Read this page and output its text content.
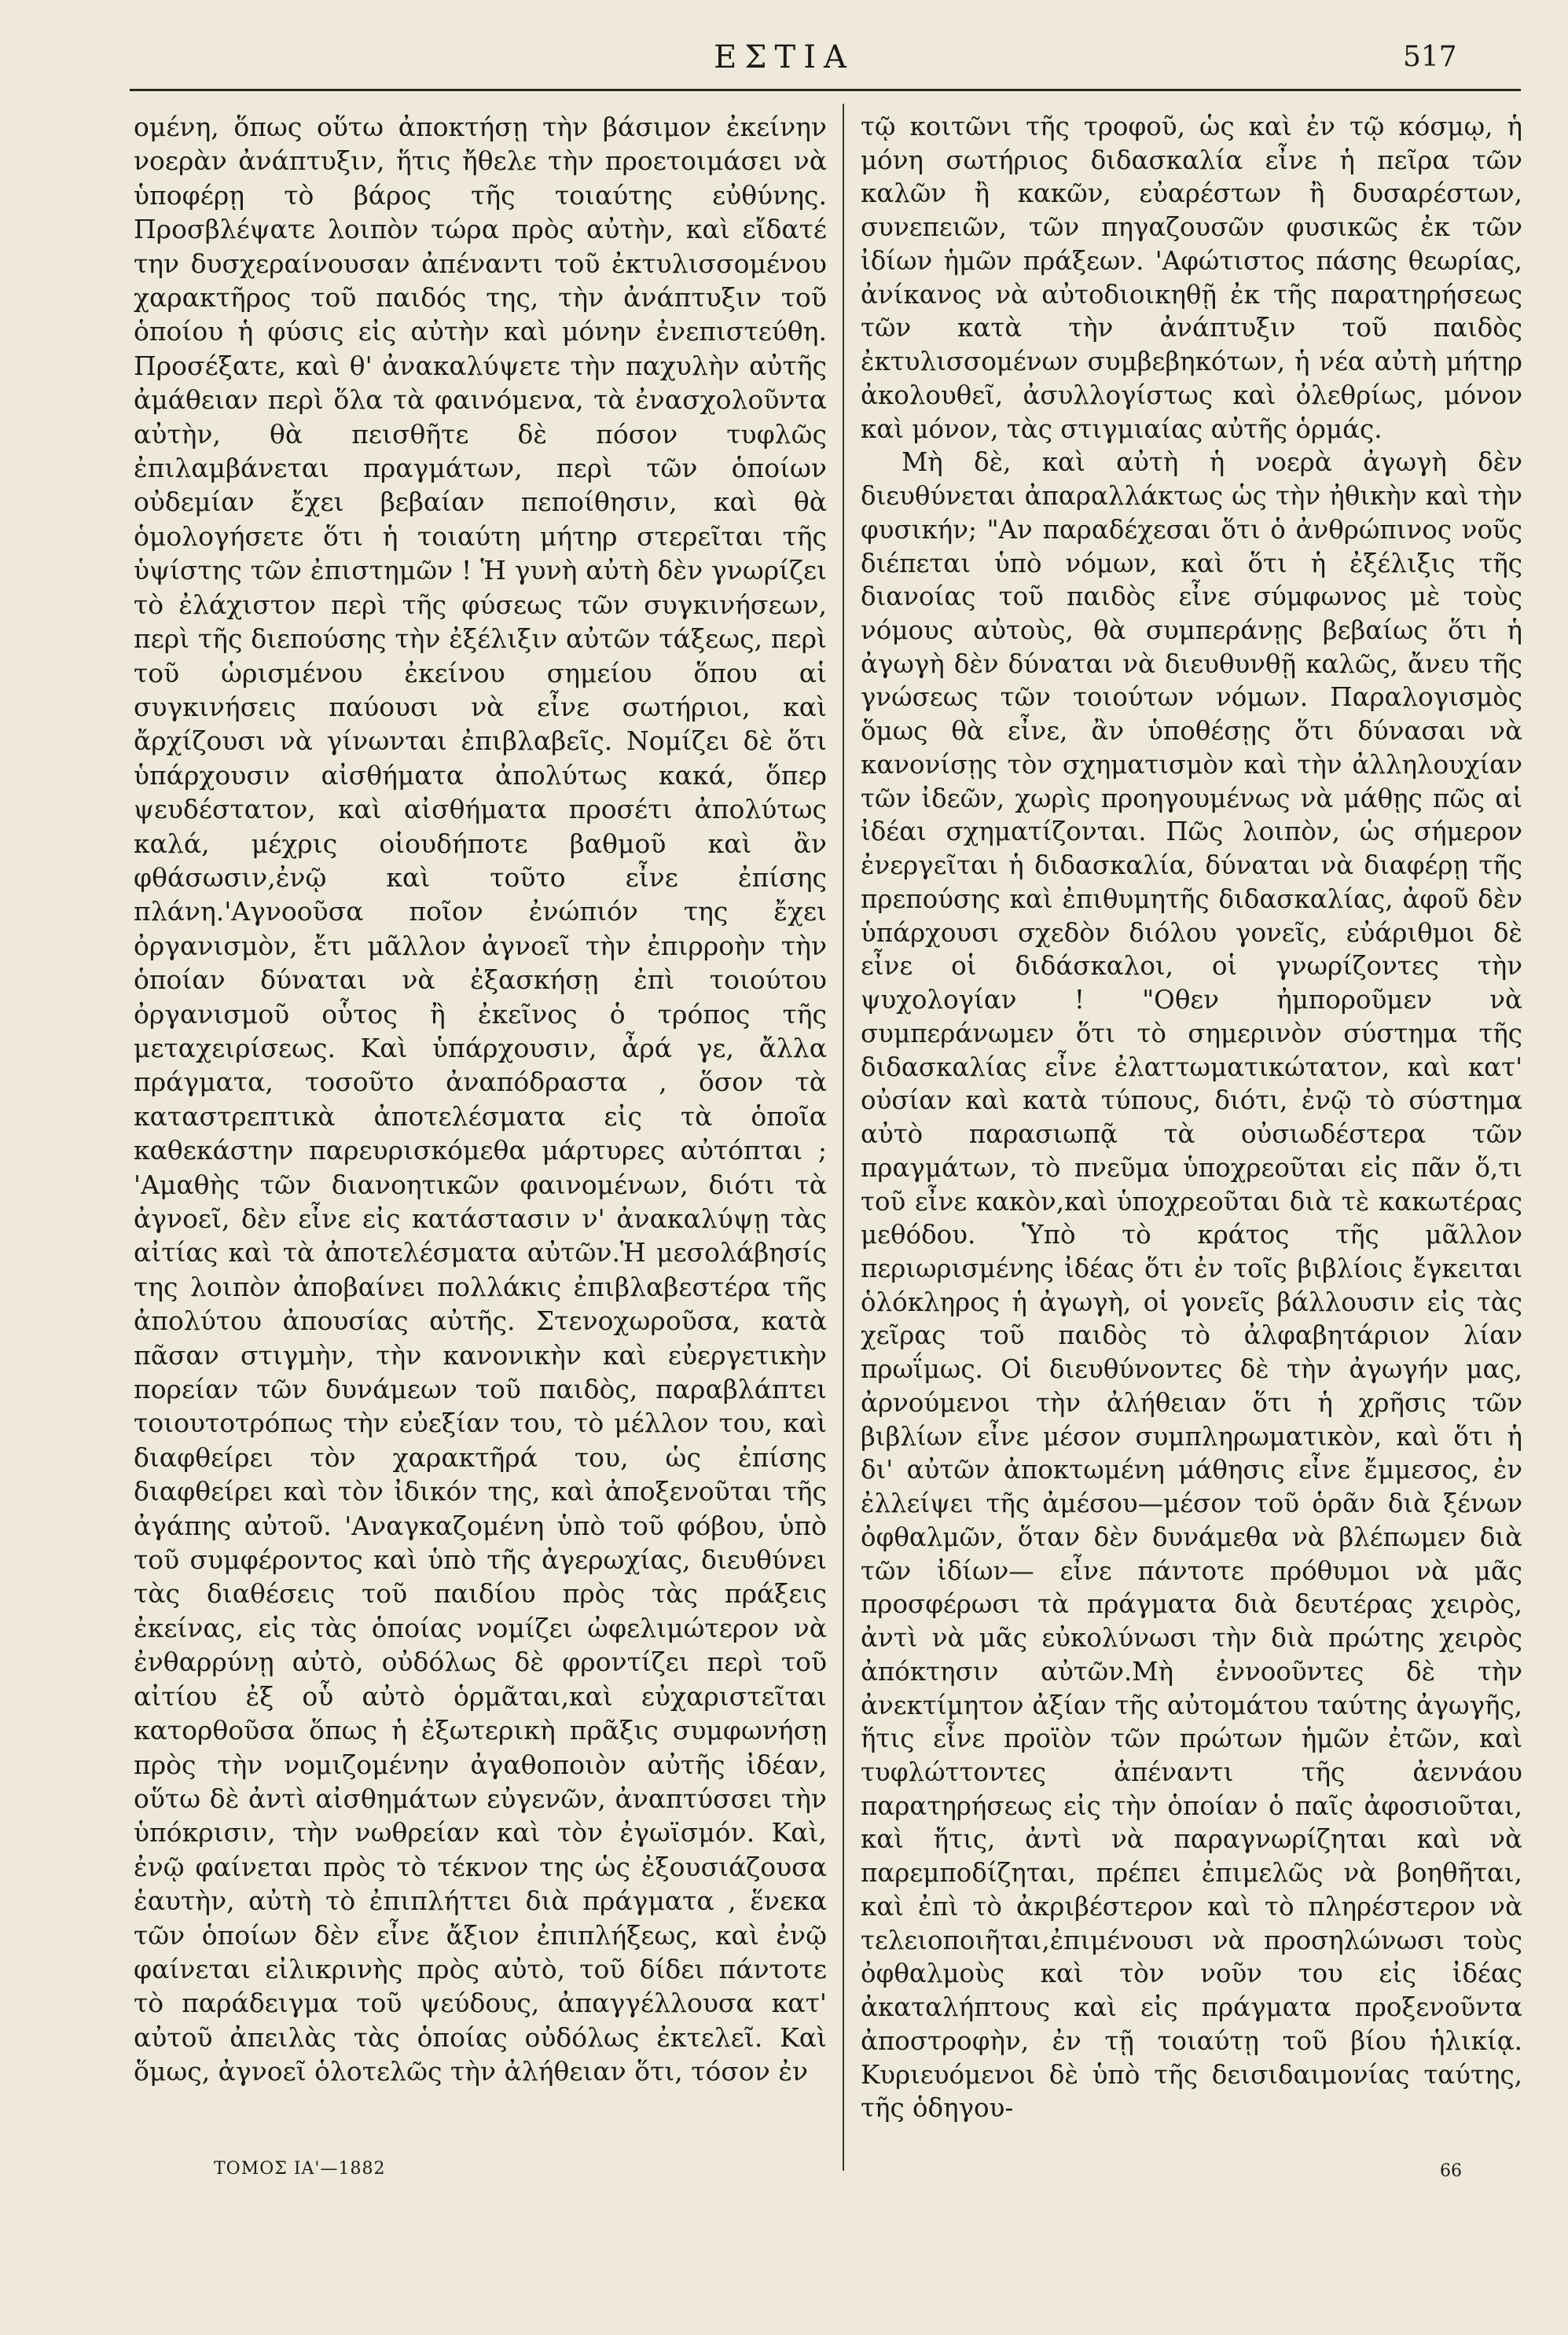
ΕΣΤΙΑ	517

ομένη, ὅπως οὕτω ἀποκτήσῃ τὴν βάσιμον ἐκείνην νοερὰν ἀνάπτυξιν, ἥτις ἤθελε τὴν προετοιμάσει νὰ ὑποφέρῃ τὸ βάρος τῆς τοιαύτης εὐθύνης. Προσβλέψατε λοιπὸν τώρα πρὸς αὐτὴν, καὶ εἴδατέ την δυσχεραίνουσαν ἀπέναντι τοῦ ἐκτυλισσομένου χαρακτῆρος τοῦ παιδός της, τὴν ἀνάπτυξιν τοῦ ὁποίου ἡ φύσις εἰς αὐτὴν καὶ μόνην ἐνεπιστεύθη. Προσέξατε, καὶ θ' ἀνακαλύψετε τὴν παχυλὴν αὐτῆς ἀμάθειαν περὶ ὅλα τὰ φαινόμενα, τὰ ἐνασχολοῦντα αὐτὴν, θὰ πεισθῆτε δὲ πόσον τυφλῶς ἐπιλαμβάνεται πραγμάτων, περὶ τῶν ὁποίων οὐδεμίαν ἔχει βεβαίαν πεποίθησιν, καὶ θὰ ὁμολογήσετε ὅτι ἡ τοιαύτη μήτηρ στερεῖται τῆς ὑψίστης τῶν ἐπιστημῶν ! Ἡ γυνὴ αὐτὴ δὲν γνωρίζει τὸ ἐλάχιστον περὶ τῆς φύσεως τῶν συγκινήσεων, περὶ τῆς διεπούσης τὴν ἐξέλιξιν αὐτῶν τάξεως, περὶ τοῦ ὡρισμένου ἐκείνου σημείου ὅπου αἱ συγκινήσεις παύουσι νὰ εἶνε σωτήριοι, καὶ ἄρχίζουσι νὰ γίνωνται ἐπιβλαβεῖς. Νομίζει δὲ ὅτι ὑπάρχουσιν αἰσθήματα ἀπολύτως κακά, ὅπερ ψευδέστατον, καὶ αἰσθήματα προσέτι ἀπολύτως καλά, μέχρις οἱουδήποτε βαθμοῦ καὶ ἂν φθάσωσιν,ἐνῷ καὶ τοῦτο εἶνε ἐπίσης πλάνη.'Αγνοοῦσα ποῖον ἐνώπιόν της ἔχει ὀργανισμὸν, ἔτι μᾶλλον ἀγνοεῖ τὴν ἐπιρροὴν τὴν ὁποίαν δύναται νὰ ἐξασκήσῃ ἐπὶ τοιούτου ὀργανισμοῦ οὗτος ἢ ἐκεῖνος ὁ τρόπος τῆς μεταχειρίσεως. Καὶ ὑπάρχουσιν, ἆρά γε, ἄλλα πράγματα, τοσοῦτο ἀναπόδραστα , ὅσον τὰ καταστρεπτικὰ ἀποτελέσματα εἰς τὰ ὁποῖα καθεκάστην παρευρισκόμεθα μάρτυρες αὐτόπται ; 'Αμαθὴς τῶν διανοητικῶν φαινομένων, διότι τὰ ἀγνοεῖ, δὲν εἶνε εἰς κατάστασιν ν' ἀνακαλύψῃ τὰς αἰτίας καὶ τὰ ἀποτελέσματα αὐτῶν.Ἡ μεσολάβησίς της λοιπὸν ἀποβαίνει πολλάκις ἐπιβλαβεστέρα τῆς ἀπολύτου ἀπουσίας αὐτῆς. Στενοχωροῦσα, κατὰ πᾶσαν στιγμὴν, τὴν κανονικὴν καὶ εὐεργετικὴν πορείαν τῶν δυνάμεων τοῦ παιδὸς, παραβλάπτει τοιουτοτρόπως τὴν εὐεξίαν του, τὸ μέλλον του, καὶ διαφθείρει τὸν χαρακτῆρά του, ὡς ἐπίσης διαφθείρει καὶ τὸν ἰδικόν της, καὶ ἀποξενοῦται τῆς ἀγάπης αὐτοῦ. 'Αναγκαζομένη ὑπὸ τοῦ φόβου, ὑπὸ τοῦ συμφέροντος καὶ ὑπὸ τῆς ἀγερωχίας, διευθύνει τὰς διαθέσεις τοῦ παιδίου πρὸς τὰς πράξεις ἐκείνας, εἰς τὰς ὁποίας νομίζει ὠφελιμώτερον νὰ ἐνθαρρύνῃ αὐτὸ, οὐδόλως δὲ φροντίζει περὶ τοῦ αἰτίου ἐξ οὗ αὐτὸ ὁρμᾶται,καὶ εὐχαριστεῖται κατορθοῦσα ὅπως ἡ ἐξωτερικὴ πρᾶξις συμφωνήσῃ πρὸς τὴν νομιζομένην ἀγαθοποιὸν αὐτῆς ἰδέαν, οὕτω δὲ ἀντὶ αἰσθημάτων εὐγενῶν, ἀναπτύσσει τὴν ὑπόκρισιν, τὴν νωθρείαν καὶ τὸν ἐγωϊσμόν. Καὶ, ἐνῷ φαίνεται πρὸς τὸ τέκνον της ὡς ἐξουσιάζουσα ἑαυτὴν, αὐτὴ τὸ ἐπιπλήττει διὰ πράγματα , ἕνεκα τῶν ὁποίων δὲν εἶνε ἄξιον ἐπιπλήξεως, καὶ ἐνῷ φαίνεται εἰλικρινὴς πρὸς αὐτὸ, τοῦ δίδει πάντοτε τὸ παράδειγμα τοῦ ψεύδους, ἀπαγγέλλουσα κατ' αὐτοῦ ἀπειλὰς τὰς ὁποίας οὐδόλως ἐκτελεῖ. Καὶ ὅμως, ἀγνοεῖ ὁλοτελῶς τὴν ἀλήθειαν ὅτι, τόσον ἐν

τῷ κοιτῶνι τῆς τροφοῦ, ὡς καὶ ἐν τῷ κόσμῳ, ἡ μόνη σωτήριος διδασκαλία εἶνε ἡ πεῖρα τῶν καλῶν ἢ κακῶν, εὐαρέστων ἢ δυσαρέστων, συνεπειῶν, τῶν πηγαζουσῶν φυσικῶς ἐκ τῶν ἰδίων ἡμῶν πράξεων. 'Αφώτιστος πάσης θεωρίας, ἀνίκανος νὰ αὐτοδιοικηθῇ ἐκ τῆς παρατηρήσεως τῶν κατὰ τὴν ἀνάπτυξιν τοῦ παιδὸς ἐκτυλισσομένων συμβεβηκότων, ἡ νέα αὐτὴ μήτηρ ἀκολουθεῖ, ἀσυλλογίστως καὶ ὀλεθρίως, μόνον καὶ μόνον, τὰς στιγμιαίας αὐτῆς ὁρμάς.

Μὴ δὲ, καὶ αὐτὴ ἡ νοερὰ ἀγωγὴ δὲν διευθύνεται ἀπαραλλάκτως ὡς τὴν ἠθικὴν καὶ τὴν φυσικήν; "Αν παραδέχεσαι ὅτι ὁ ἀνθρώπινος νοῦς διέπεται ὑπὸ νόμων, καὶ ὅτι ἡ ἐξέλιξις τῆς διανοίας τοῦ παιδὸς εἶνε σύμφωνος μὲ τοὺς νόμους αὐτοὺς, θὰ συμπεράνῃς βεβαίως ὅτι ἡ ἀγωγὴ δὲν δύναται νὰ διευθυνθῇ καλῶς, ἄνευ τῆς γνώσεως τῶν τοιούτων νόμων. Παραλογισμὸς ὅμως θὰ εἶνε, ἂν ὑποθέσῃς ὅτι δύνασαι νὰ κανονίσῃς τὸν σχηματισμὸν καὶ τὴν ἀλληλουχίαν τῶν ἰδεῶν, χωρὶς προηγουμένως νὰ μάθῃς πῶς αἱ ἰδέαι σχηματίζονται. Πῶς λοιπὸν, ὡς σήμερον ἐνεργεῖται ἡ διδασκαλία, δύναται νὰ διαφέρῃ τῆς πρεπούσης καὶ ἐπιθυμητῆς διδασκαλίας, ἀφοῦ δὲν ὑπάρχουσι σχεδὸν διόλου γονεῖς, εὐάριθμοι δὲ εἶνε οἱ διδάσκαλοι, οἱ γνωρίζοντες τὴν ψυχολογίαν ! "Οθεν ἠμποροῦμεν νὰ συμπεράνωμεν ὅτι τὸ σημερινὸν σύστημα τῆς διδασκαλίας εἶνε ἐλαττωματικώτατον, καὶ κατ' οὐσίαν καὶ κατὰ τύπους, διότι, ἐνῷ τὸ σύστημα αὐτὸ παρασιωπᾷ τὰ οὐσιωδέστερα τῶν πραγμάτων, τὸ πνεῦμα ὑποχρεοῦται εἰς πᾶν ὅ,τι τοῦ εἶνε κακὸν,καὶ ὑποχρεοῦται διὰ τὲ κακωτέρας μεθόδου. Ὑπὸ τὸ κράτος τῆς μᾶλλον περιωρισμένης ἰδέας ὅτι ἐν τοῖς βιβλίοις ἔγκειται ὁλόκληρος ἡ ἀγωγὴ, οἱ γονεῖς βάλλουσιν εἰς τὰς χεῖρας τοῦ παιδὸς τὸ ἀλφαβητάριον λίαν πρωΐμως. Οἱ διευθύνοντες δὲ τὴν ἀγωγήν μας, ἀρνούμενοι τὴν ἀλήθειαν ὅτι ἡ χρῆσις τῶν βιβλίων εἶνε μέσον συμπληρωματικὸν, καὶ ὅτι ἡ δι' αὐτῶν ἀποκτωμένη μάθησις εἶνε ἔμμεσος, ἐν ἐλλείψει τῆς ἀμέσου—μέσον τοῦ ὁρᾶν διὰ ξένων ὀφθαλμῶν, ὅταν δὲν δυνάμεθα νὰ βλέπωμεν διὰ τῶν ἰδίων— εἶνε πάντοτε πρόθυμοι νὰ μᾶς προσφέρωσι τὰ πράγματα διὰ δευτέρας χειρὸς, ἀντὶ νὰ μᾶς εὐκολύνωσι τὴν διὰ πρώτης χειρὸς ἀπόκτησιν αὐτῶν.Μὴ ἐννοοῦντες δὲ τὴν ἀνεκτίμητον ἀξίαν τῆς αὐτομάτου ταύτης ἀγωγῆς, ἥτις εἶνε προϊὸν τῶν πρώτων ἡμῶν ἐτῶν, καὶ τυφλώττοντες ἀπέναντι τῆς ἀεννάου παρατηρήσεως εἰς τὴν ὁποίαν ὁ παῖς ἀφοσιοῦται, καὶ ἥτις, ἀντὶ νὰ παραγνωρίζηται καὶ νὰ παρεμποδίζηται, πρέπει ἐπιμελῶς νὰ βοηθῆται, καὶ ἐπὶ τὸ ἀκριβέστερον καὶ τὸ πληρέστερον νὰ τελειοποιῆται,ἐπιμένουσι νὰ προσηλώνωσι τοὺς ὀφθαλμοὺς καὶ τὸν νοῦν του εἰς ἰδέας ἀκαταλήπτους καὶ εἰς πράγματα προξενοῦντα ἀποστροφὴν, ἐν τῇ τοιαύτῃ τοῦ βίου ἡλικίᾳ. Κυριευόμενοι δὲ ὑπὸ τῆς δεισιδαιμονίας ταύτης, τῆς ὁδηγου-

ΤΟΜΟΣ ΙΑ'—1882	66
